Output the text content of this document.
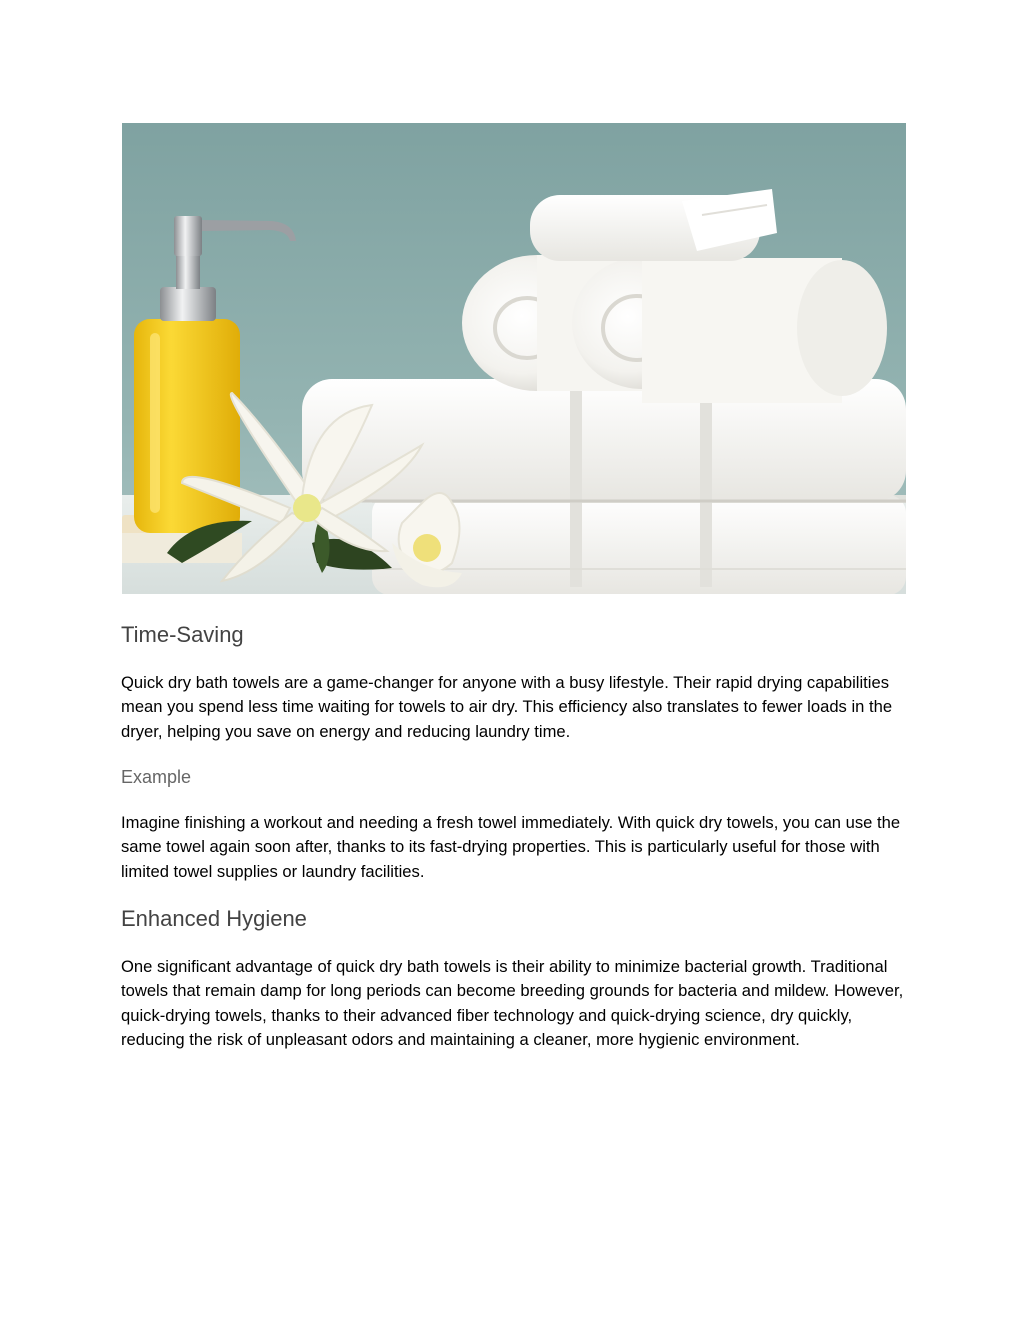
Time-Saving

Quick dry bath towels are a game-changer for anyone with a busy lifestyle. Their rapid drying capabilities mean you spend less time waiting for towels to air dry. This efficiency also translates to fewer loads in the dryer, helping you save on energy and reducing laundry time.

Example

Imagine finishing a workout and needing a fresh towel immediately. With quick dry towels, you can use the same towel again soon after, thanks to its fast-drying properties. This is particularly useful for those with limited towel supplies or laundry facilities.

Enhanced Hygiene

One significant advantage of quick dry bath towels is their ability to minimize bacterial growth. Traditional towels that remain damp for long periods can become breeding grounds for bacteria and mildew. However, quick-drying towels, thanks to their advanced fiber technology and quick-drying science, dry quickly, reducing the risk of unpleasant odors and maintaining a cleaner, more hygienic environment.
